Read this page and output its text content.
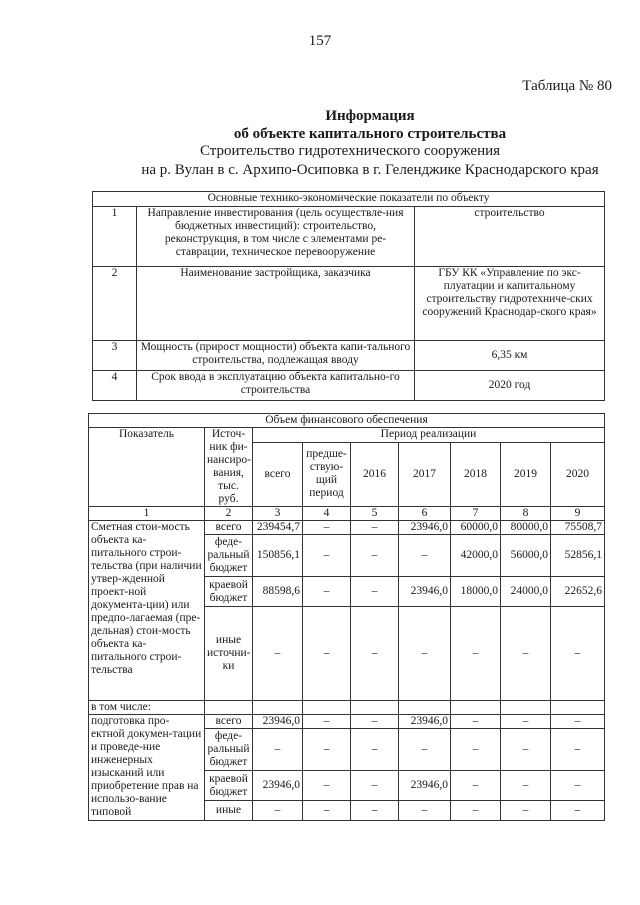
157
Таблица № 80
Информация
об объекте капитального строительства
Строительство гидротехнического сооружения
на р. Вулан в с. Архипо-Осиповка в г. Геленджике Краснодарского края
Основные технико-экономические показатели по объекту		
1	Направление инвестирования (цель осуществле-ния бюджетных инвестиций): строительство, реконструкция, в том числе с элементами ре-ставрации, техническое перевооружение	строительство
2	Наименование застройщика, заказчика	ГБУ КК «Управление по экс-плуатации и капитальному строительству гидротехниче-ских сооружений Краснодар-ского края»
3	Мощность (прирост мощности) объекта капи-тального строительства, подлежащая вводу	6,35 км
4	Срок ввода в эксплуатацию объекта капитально-го строительства	2020 год
Объем финансового обеспечения								
Показатель	Источ-ник фи-нансиро-вания, тыс. руб.	Период реализации						
		всего	предше-ствую-щий период	2016	2017	2018	2019	2020
1	2	3	4	5	6	7	8	9
Сметная стои-мость объекта ка-питального строи-тельства (при наличии утвер-жденной проект-ной документа-ции) или предпо-лагаемая (пре-дельная) стои-мость объекта ка-питального строи-тельства	всего	239454,7	–	–	23946,0	60000,0	80000,0	75508,7
	феде-ральный бюджет	150856,1	–	–	–	42000,0	56000,0	52856,1
	краевой бюджет	88598,6	–	–	23946,0	18000,0	24000,0	22652,6
	иные источни-ки	–	–	–	–	–	–	–
в том числе:								
подготовка про-ектной докумен-тации и проведе-ние инженерных изысканий или приобретение прав на использо-вание типовой	всего	23946,0	–	–	23946,0	–	–	–
	феде-ральный бюджет	–	–	–	–	–	–	–
	краевой бюджет	23946,0	–	–	23946,0	–	–	–
	иные	–	–	–	–	–	–	–
